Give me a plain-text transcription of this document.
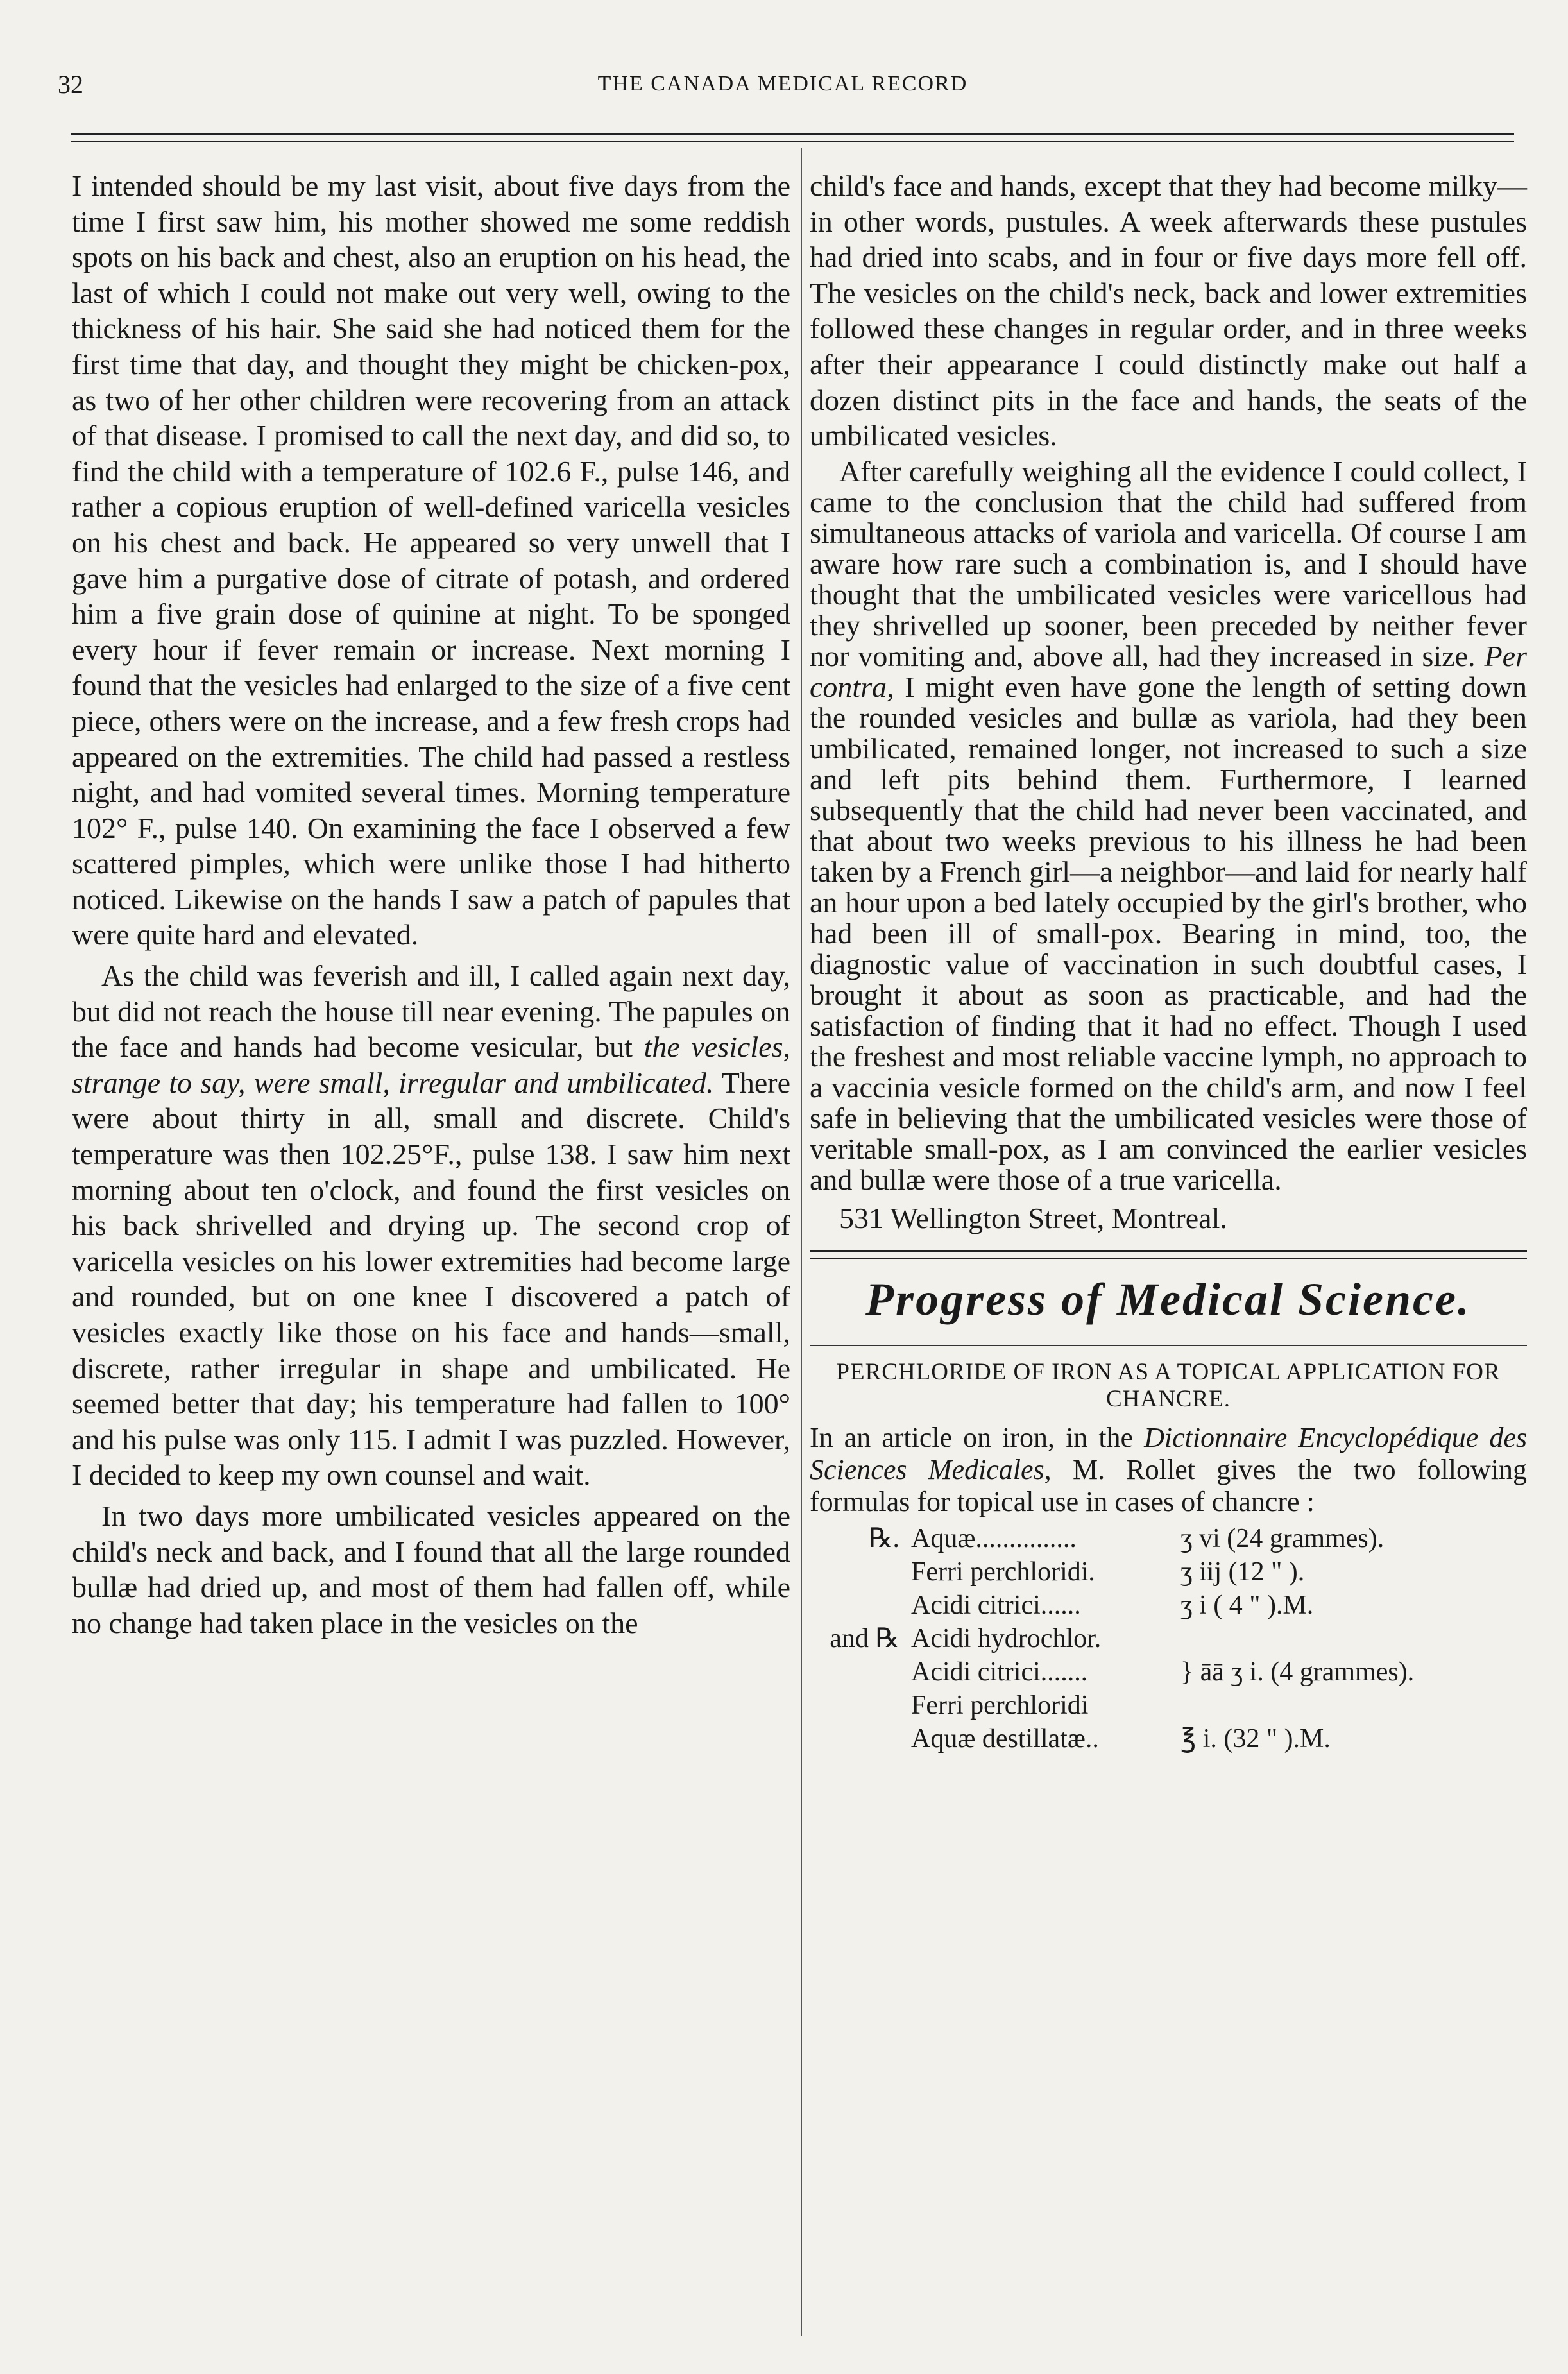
32	THE CANADA MEDICAL RECORD

I intended should be my last visit, about five days from the time I first saw him, his mother showed me some reddish spots on his back and chest, also an eruption on his head, the last of which I could not make out very well, owing to the thickness of his hair. She said she had noticed them for the first time that day, and thought they might be chicken-pox, as two of her other children were recovering from an attack of that disease. I promised to call the next day, and did so, to find the child with a temperature of 102.6 F., pulse 146, and rather a copious eruption of well-defined varicella vesicles on his chest and back. He appeared so very unwell that I gave him a purgative dose of citrate of potash, and ordered him a five grain dose of quinine at night. To be sponged every hour if fever remain or increase. Next morning I found that the vesicles had enlarged to the size of a five cent piece, others were on the increase, and a few fresh crops had appeared on the extremities. The child had passed a restless night, and had vomited several times. Morning temperature 102° F., pulse 140. On examining the face I observed a few scattered pimples, which were unlike those I had hitherto noticed. Likewise on the hands I saw a patch of papules that were quite hard and elevated.

As the child was feverish and ill, I called again next day, but did not reach the house till near evening. The papules on the face and hands had become vesicular, but the vesicles, strange to say, were small, irregular and umbilicated. There were about thirty in all, small and discrete. Child's temperature was then 102.25°F., pulse 138. I saw him next morning about ten o'clock, and found the first vesicles on his back shrivelled and drying up. The second crop of varicella vesicles on his lower extremities had become large and rounded, but on one knee I discovered a patch of vesicles exactly like those on his face and hands—small, discrete, rather irregular in shape and umbilicated. He seemed better that day; his temperature had fallen to 100° and his pulse was only 115. I admit I was puzzled. However, I decided to keep my own counsel and wait.

In two days more umbilicated vesicles appeared on the child's neck and back, and I found that all the large rounded bullæ had dried up, and most of them had fallen off, while no change had taken place in the vesicles on the

child's face and hands, except that they had become milky—in other words, pustules. A week afterwards these pustules had dried into scabs, and in four or five days more fell off. The vesicles on the child's neck, back and lower extremities followed these changes in regular order, and in three weeks after their appearance I could distinctly make out half a dozen distinct pits in the face and hands, the seats of the umbilicated vesicles.

After carefully weighing all the evidence I could collect, I came to the conclusion that the child had suffered from simultaneous attacks of variola and varicella. Of course I am aware how rare such a combination is, and I should have thought that the umbilicated vesicles were varicellous had they shrivelled up sooner, been preceded by neither fever nor vomiting and, above all, had they increased in size. Per contra, I might even have gone the length of setting down the rounded vesicles and bullæ as variola, had they been umbilicated, remained longer, not increased to such a size and left pits behind them. Furthermore, I learned subsequently that the child had never been vaccinated, and that about two weeks previous to his illness he had been taken by a French girl—a neighbor—and laid for nearly half an hour upon a bed lately occupied by the girl's brother, who had been ill of small-pox. Bearing in mind, too, the diagnostic value of vaccination in such doubtful cases, I brought it about as soon as practicable, and had the satisfaction of finding that it had no effect. Though I used the freshest and most reliable vaccine lymph, no approach to a vaccinia vesicle formed on the child's arm, and now I feel safe in believing that the umbilicated vesicles were those of veritable small-pox, as I am convinced the earlier vesicles and bullæ were those of a true varicella.

531 Wellington Street, Montreal.

Progress of Medical Science.
PERCHLORIDE OF IRON AS A TOPICAL APPLICATION FOR CHANCRE.

In an article on iron, in the Dictionnaire Encyclopédique des Sciences Medicales, M. Rollet gives the two following formulas for topical use in cases of chancre :

℞. Aquæ...............	ʒ vi (24 grammes).
Ferri perchloridi.	ʒ iij (12 " ).
Acidi citrici......	ʒ i ( 4 " ).M.
and ℞ Acidi hydrochlor.
Acidi citrici.......	} āā ʒ i. (4 grammes).
Ferri perchloridi
Aquæ destillatæ..	℥ i. (32 " ).M.
